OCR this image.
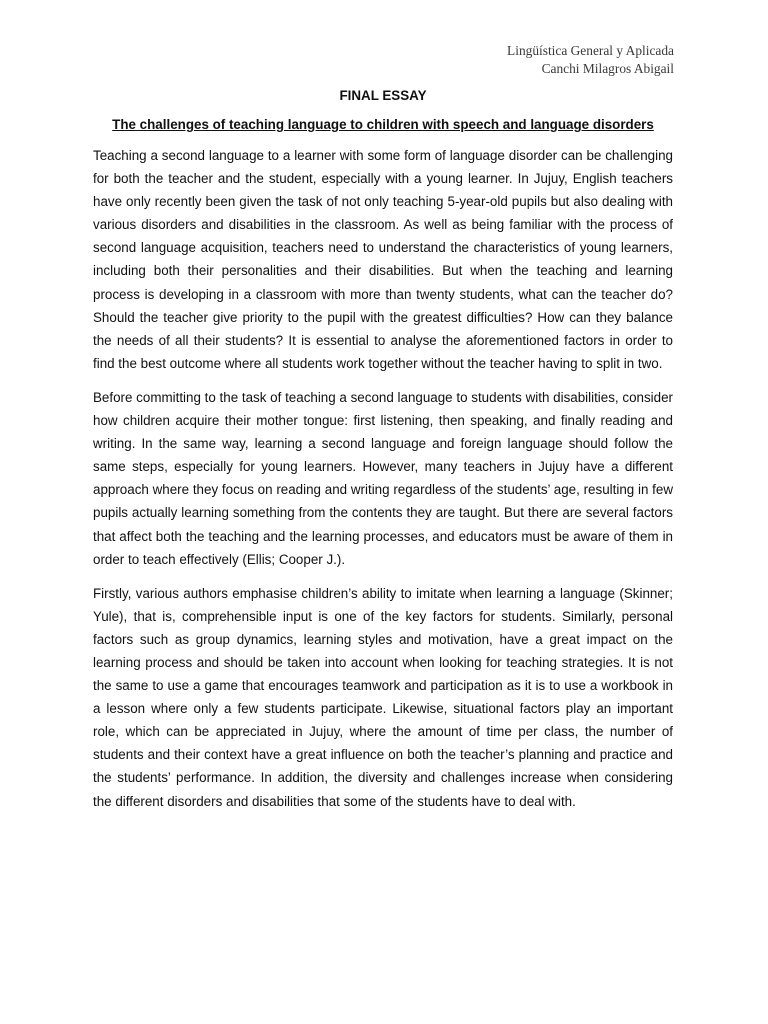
Lingüística General y Aplicada
Canchi Milagros Abigail
FINAL ESSAY
The challenges of teaching language to children with speech and language disorders

Teaching a second language to a learner with some form of language disorder can be challenging for both the teacher and the student, especially with a young learner. In Jujuy, English teachers have only recently been given the task of not only teaching 5-year-old pupils but also dealing with various disorders and disabilities in the classroom. As well as being familiar with the process of second language acquisition, teachers need to understand the characteristics of young learners, including both their personalities and their disabilities. But when the teaching and learning process is developing in a classroom with more than twenty students, what can the teacher do? Should the teacher give priority to the pupil with the greatest difficulties? How can they balance the needs of all their students? It is essential to analyse the aforementioned factors in order to find the best outcome where all students work together without the teacher having to split in two.

Before committing to the task of teaching a second language to students with disabilities, consider how children acquire their mother tongue: first listening, then speaking, and finally reading and writing. In the same way, learning a second language and foreign language should follow the same steps, especially for young learners. However, many teachers in Jujuy have a different approach where they focus on reading and writing regardless of the students’ age, resulting in few pupils actually learning something from the contents they are taught. But there are several factors that affect both the teaching and the learning processes, and educators must be aware of them in order to teach effectively (Ellis; Cooper J.).

Firstly, various authors emphasise children’s ability to imitate when learning a language (Skinner; Yule), that is, comprehensible input is one of the key factors for students. Similarly, personal factors such as group dynamics, learning styles and motivation, have a great impact on the learning process and should be taken into account when looking for teaching strategies. It is not the same to use a game that encourages teamwork and participation as it is to use a workbook in a lesson where only a few students participate. Likewise, situational factors play an important role, which can be appreciated in Jujuy, where the amount of time per class, the number of students and their context have a great influence on both the teacher’s planning and practice and the students’ performance. In addition, the diversity and challenges increase when considering the different disorders and disabilities that some of the students have to deal with.
